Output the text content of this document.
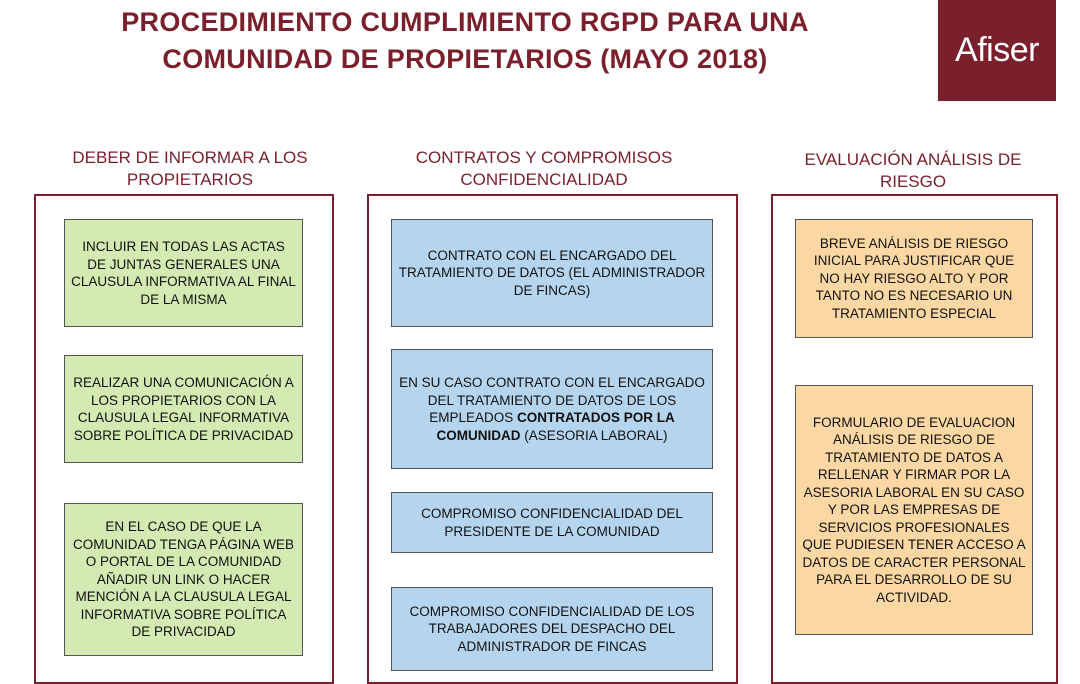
PROCEDIMIENTO CUMPLIMIENTO RGPD PARA UNA
COMUNIDAD DE PROPIETARIOS (MAYO 2018)	Afiser
DEBER DE INFORMAR A LOS PROPIETARIOS
INCLUIR EN TODAS LAS ACTAS DE JUNTAS GENERALES UNA CLAUSULA INFORMATIVA AL FINAL DE LA MISMA
REALIZAR UNA COMUNICACIÓN A LOS PROPIETARIOS CON LA CLAUSULA LEGAL INFORMATIVA SOBRE POLÍTICA DE PRIVACIDAD
EN EL CASO DE QUE LA COMUNIDAD TENGA PÁGINA WEB O PORTAL DE LA COMUNIDAD AÑADIR UN LINK O HACER MENCIÓN A LA CLAUSULA LEGAL INFORMATIVA SOBRE POLÍTICA DE PRIVACIDAD
CONTRATOS Y COMPROMISOS CONFIDENCIALIDAD
CONTRATO CON EL ENCARGADO DEL TRATAMIENTO DE DATOS (EL ADMINISTRADOR DE FINCAS)
EN SU CASO CONTRATO CON EL ENCARGADO DEL TRATAMIENTO DE DATOS DE LOS EMPLEADOS CONTRATADOS POR LA COMUNIDAD (ASESORIA LABORAL)
COMPROMISO CONFIDENCIALIDAD DEL PRESIDENTE DE LA COMUNIDAD
COMPROMISO CONFIDENCIALIDAD DE LOS TRABAJADORES DEL DESPACHO DEL ADMINISTRADOR DE FINCAS
EVALUACIÓN ANÁLISIS DE RIESGO
BREVE ANÁLISIS DE RIESGO INICIAL PARA JUSTIFICAR QUE NO HAY RIESGO ALTO Y POR TANTO NO ES NECESARIO UN TRATAMIENTO ESPECIAL
FORMULARIO DE EVALUACION ANÁLISIS DE RIESGO DE TRATAMIENTO DE DATOS A RELLENAR Y FIRMAR POR LA ASESORIA LABORAL EN SU CASO Y POR LAS EMPRESAS DE SERVICIOS PROFESIONALES QUE PUDIESEN TENER ACCESO A DATOS DE CARACTER PERSONAL PARA EL DESARROLLO DE SU ACTIVIDAD.
